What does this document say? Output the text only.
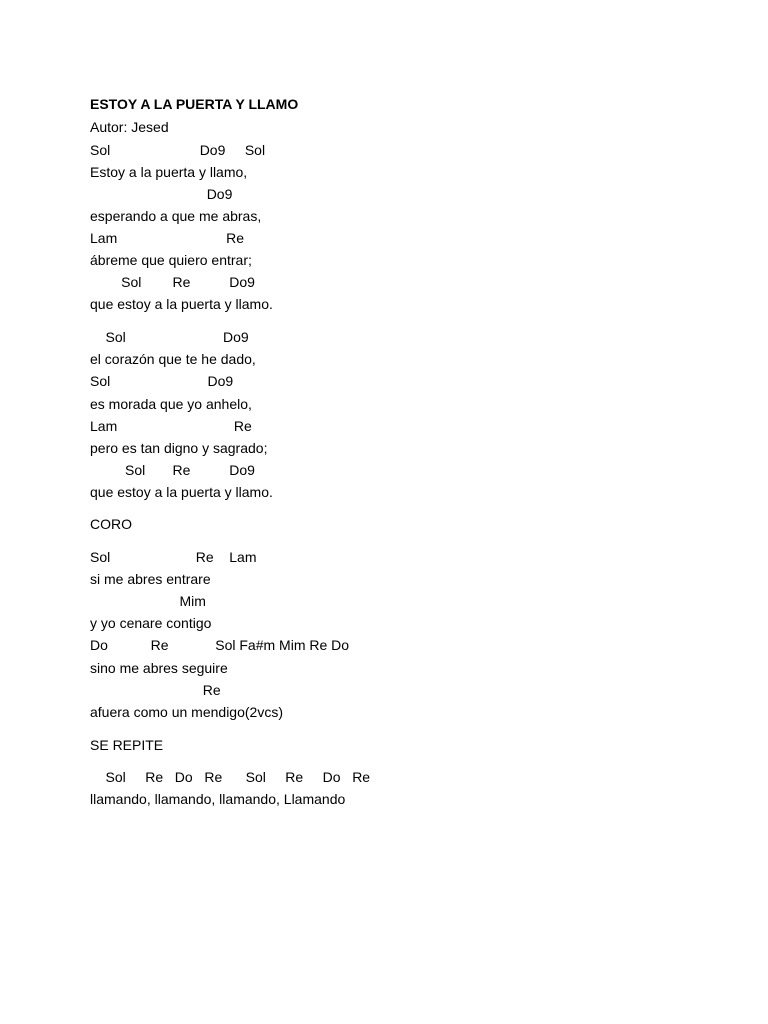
ESTOY A LA PUERTA Y LLAMO

Autor: Jesed

Sol                       Do9     Sol

Estoy a la puerta y llamo,

Do9

esperando a que me abras,

Lam                            Re

ábreme que quiero entrar;

Sol        Re          Do9

que estoy a la puerta y llamo.

Sol                         Do9

el corazón que te he dado,

Sol                         Do9

es morada que yo anhelo,

Lam                              Re

pero es tan digno y sagrado;

Sol       Re          Do9

que estoy a la puerta y llamo.

CORO

Sol                      Re    Lam

si me abres entrare

Mim

y yo cenare contigo

Do           Re            Sol Fa#m Mim Re Do

sino me abres seguire

Re

afuera como un mendigo(2vcs)

SE REPITE

Sol     Re   Do   Re      Sol     Re     Do   Re

llamando, llamando, llamando, Llamando
